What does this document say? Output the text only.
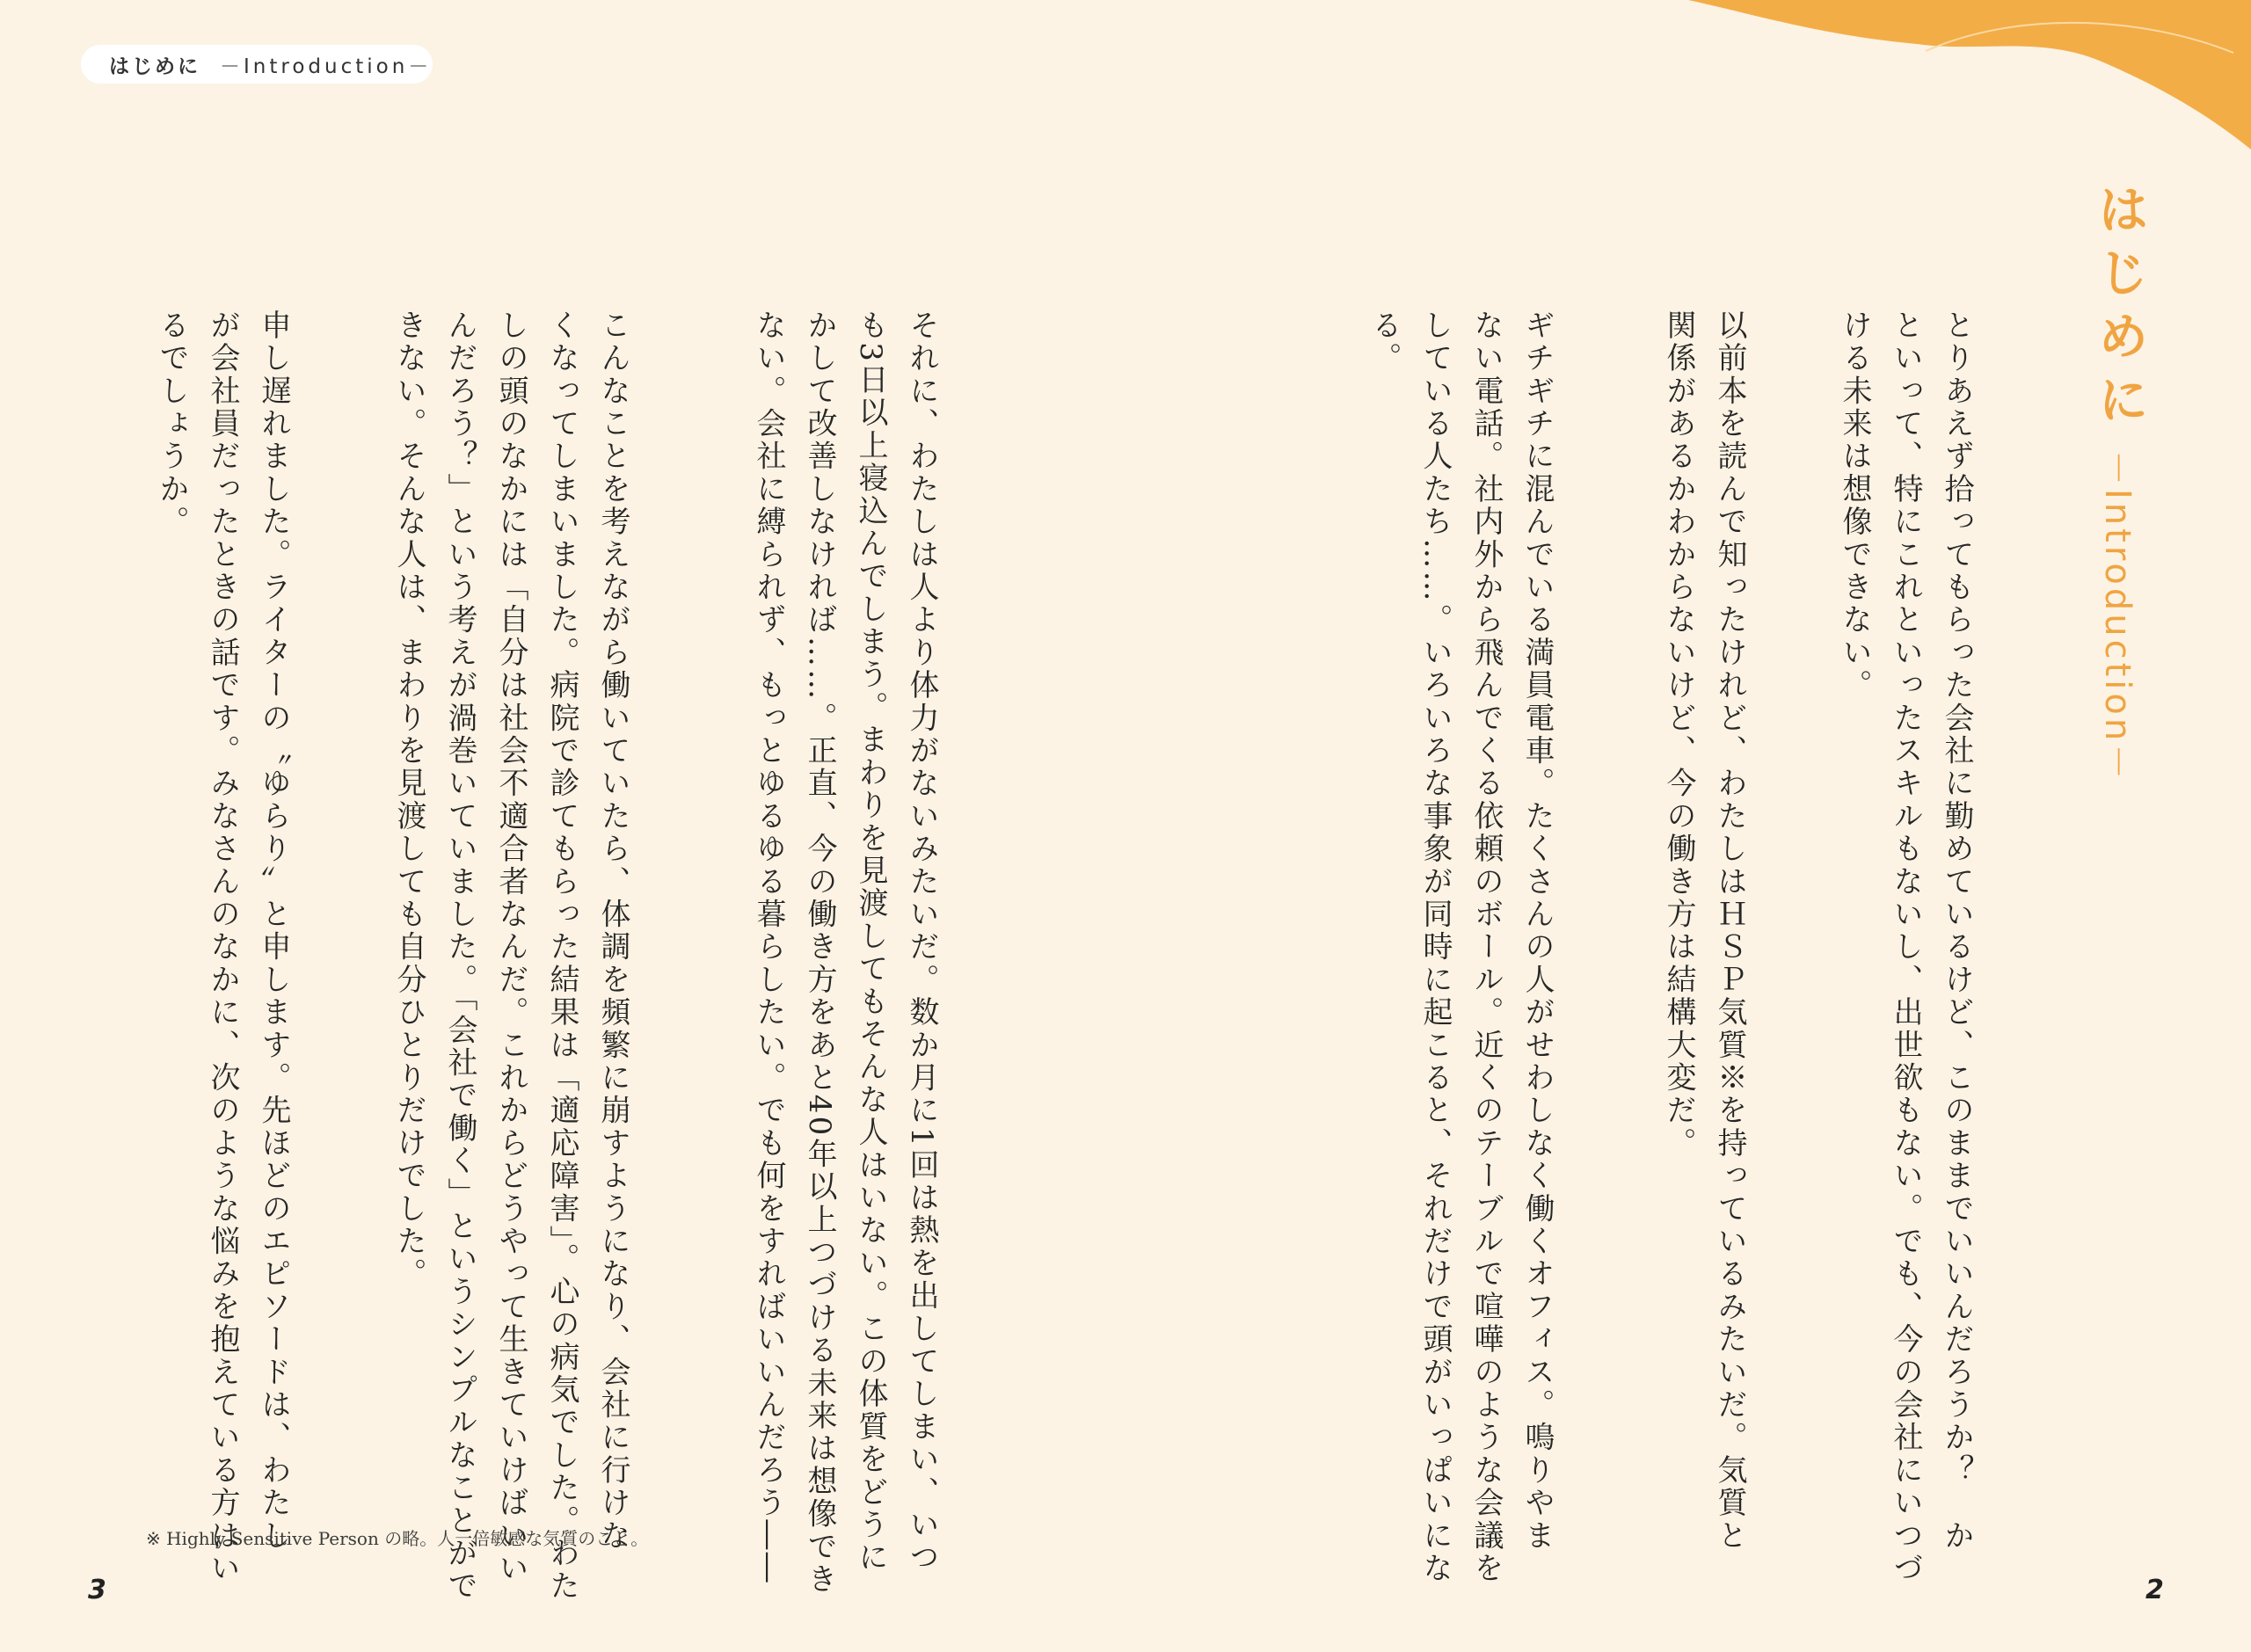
はじめに －Introduction－
はじめに
－Introduction－
とりあえず拾ってもらった会社に勤めているけど、このままでいいんだろうか？　か
といって、特にこれといったスキルもないし、出世欲もない。でも、今の会社にいつづ
ける未来は想像できない。
以前本を読んで知ったけれど、わたしはＨＳＰ気質※を持っているみたいだ。気質と
関係があるかわからないけど、今の働き方は結構大変だ。
ギチギチに混んでいる満員電車。たくさんの人がせわしなく働くオフィス。鳴りやま
ない電話。社内外から飛んでくる依頼のボール。近くのテーブルで喧嘩のような会議を
している人たち……。いろいろな事象が同時に起こると、それだけで頭がいっぱいにな
る。
それに、わたしは人より体力がないみたいだ。数か月に1回は熱を出してしまい、いつ
も3日以上寝込んでしまう。まわりを見渡してもそんな人はいない。この体質をどうに
かして改善しなければ……。正直、今の働き方をあと40年以上つづける未来は想像でき
ない。会社に縛られず、もっとゆるゆる暮らしたい。でも何をすればいいんだろう――
こんなことを考えながら働いていたら、体調を頻繁に崩すようになり、会社に行けな
くなってしまいました。病院で診てもらった結果は「適応障害」。心の病気でした。わた
しの頭のなかには「自分は社会不適合者なんだ。これからどうやって生きていけばいい
んだろう？」という考えが渦巻いていました。「会社で働く」というシンプルなことがで
きない。そんな人は、まわりを見渡しても自分ひとりだけでした。
申し遅れました。ライターの〝ゆらり〟と申します。先ほどのエピソードは、わたし
が会社員だったときの話です。みなさんのなかに、次のような悩みを抱えている方はい
るでしょうか。
※ Highly Sensitive Person の略。人一倍敏感な気質のこと。
3	2
